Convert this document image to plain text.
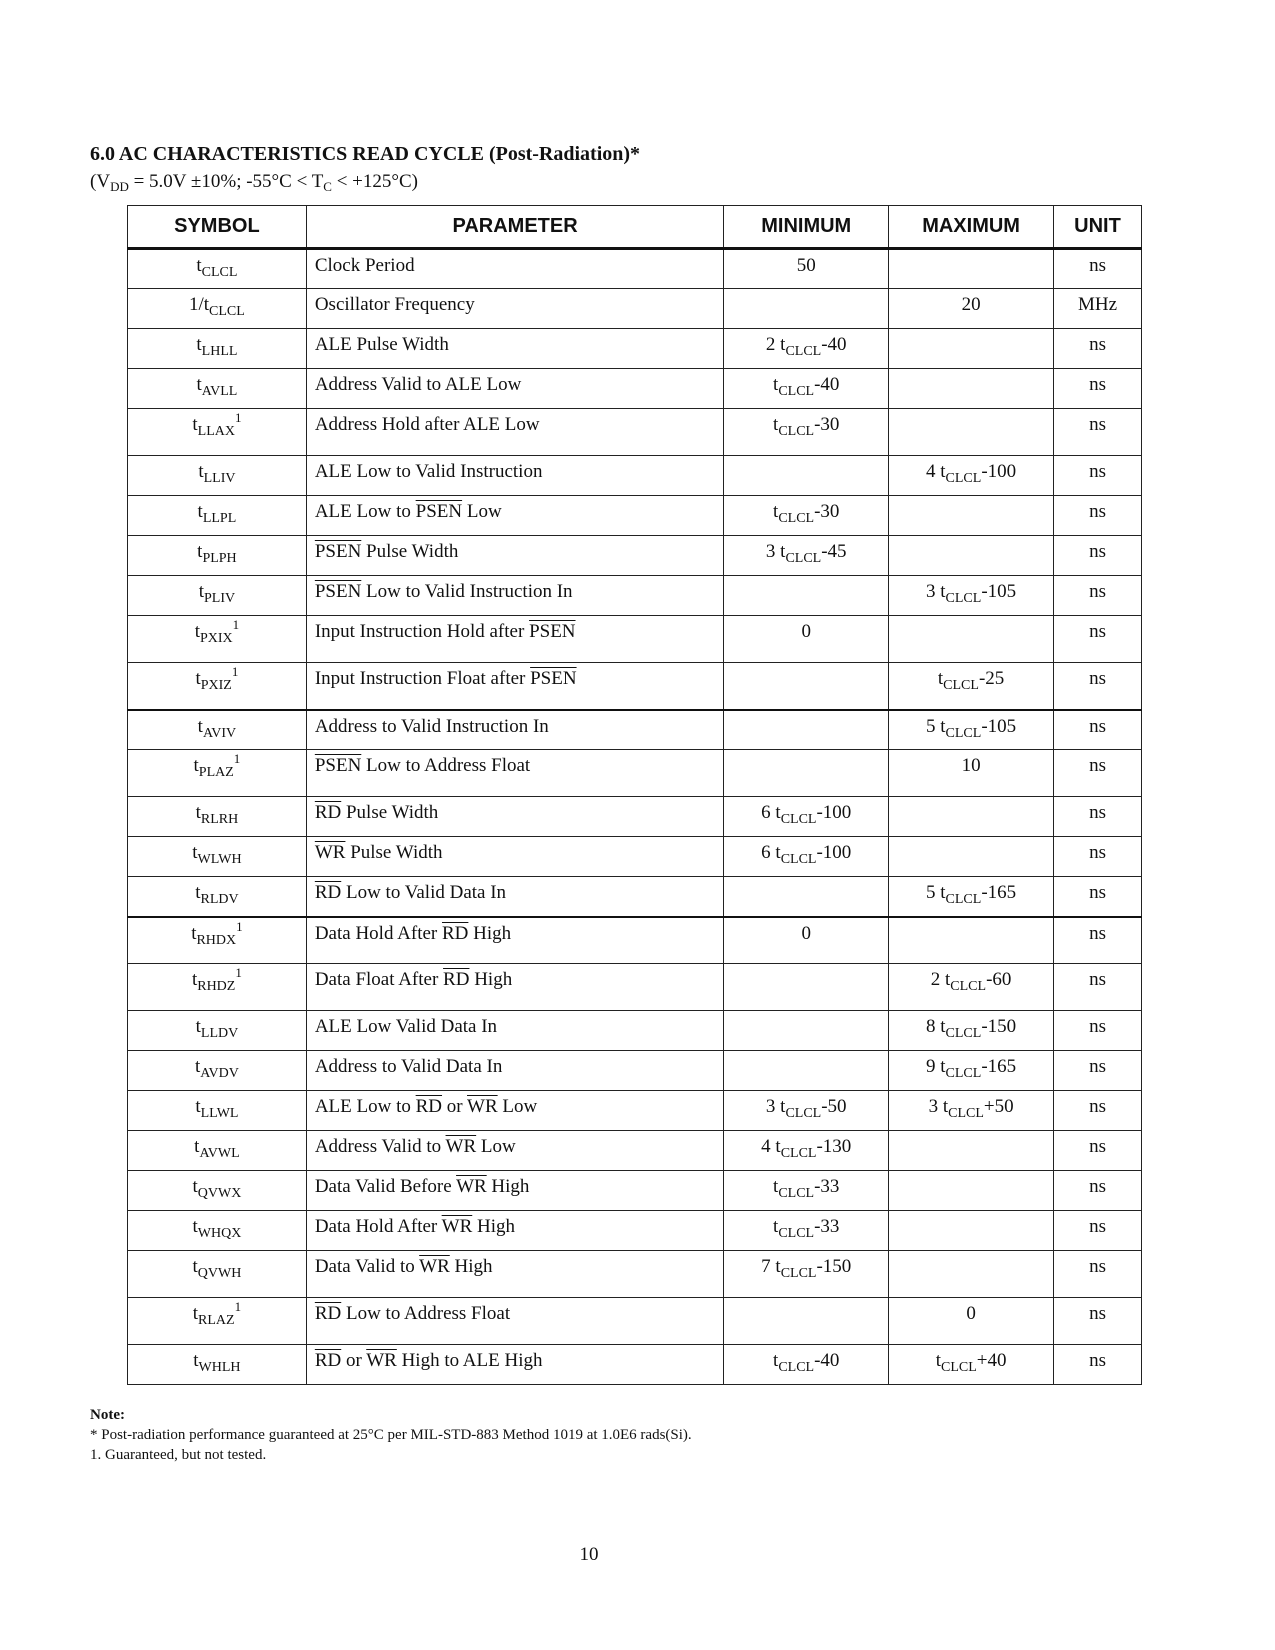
6.0 AC CHARACTERISTICS READ CYCLE (Post-Radiation)*
($V_{DD} = 5.0V \pm 10\%$; $-55^\circ C < T_C < +125^\circ C$)
SYMBOL	PARAMETER	MINIMUM	MAXIMUM	UNIT
$t_{CLCL}$	Clock Period	50		ns
$1/t_{CLCL}$	Oscillator Frequency		20	MHz
$t_{LHLL}$	ALE Pulse Width	2 $t_{CLCL}-40$		ns
$t_{AVLL}$	Address Valid to ALE Low	$t_{CLCL}-40$		ns
$t_{LLAX}^1$	Address Hold after ALE Low	$t_{CLCL}-30$		ns
$t_{LLIV}$	ALE Low to Valid Instruction		4 $t_{CLCL}-100$	ns
$t_{LLPL}$	ALE Low to PSEN Low	$t_{CLCL}-30$		ns
$t_{PLPH}$	PSEN Pulse Width	3 $t_{CLCL}-45$		ns
$t_{PLIV}$	PSEN Low to Valid Instruction In		3 $t_{CLCL}-105$	ns
$t_{PXIX}^1$	Input Instruction Hold after PSEN	0		ns
$t_{PXIZ}^1$	Input Instruction Float after PSEN		$t_{CLCL}-25$	ns
$t_{AVIV}$	Address to Valid Instruction In		5 $t_{CLCL}-105$	ns
$t_{PLAZ}^1$	PSEN Low to Address Float		10	ns
$t_{RLRH}$	$\overline{RD}$ Pulse Width	6 $t_{CLCL}-100$		ns
$t_{WLWH}$	$\overline{WR}$ Pulse Width	6 $t_{CLCL}-100$		ns
$t_{RLDV}$	$\overline{RD}$ Low to Valid Data In		5 $t_{CLCL}-165$	ns
$t_{RHDX}^1$	Data Hold After $\overline{RD}$ High	0		ns
$t_{RHDZ}^1$	Data Float After $\overline{RD}$ High		2 $t_{CLCL}-60$	ns
$t_{LLDV}$	ALE Low Valid Data In		8 $t_{CLCL}-150$	ns
$t_{AVDV}$	Address to Valid Data In		9 $t_{CLCL}-165$	ns
$t_{LLWL}$	ALE Low to $\overline{RD}$ or $\overline{WR}$ Low	3 $t_{CLCL}-50$	3 $t_{CLCL}+50$	ns
$t_{AVWL}$	Address Valid to $\overline{WR}$ Low	4 $t_{CLCL}-130$		ns
$t_{QVWX}$	Data Valid Before $\overline{WR}$ High	$t_{CLCL}-33$		ns
$t_{WHQX}$	Data Hold After $\overline{WR}$ High	$t_{CLCL}-33$		ns
$t_{QVWH}$	Data Valid to $\overline{WR}$ High	7 $t_{CLCL}-150$		ns
$t_{RLAZ}^1$	$\overline{RD}$ Low to Address Float		0	ns
$t_{WHLH}$	$\overline{RD}$ or $\overline{WR}$ High to ALE High	$t_{CLCL}-40$	$t_{CLCL}+40$	ns
Note:
* Post-radiation performance guaranteed at 25°C per MIL-STD-883 Method 1019 at 1.0E6 rads(Si).
1. Guaranteed, but not tested.
10
